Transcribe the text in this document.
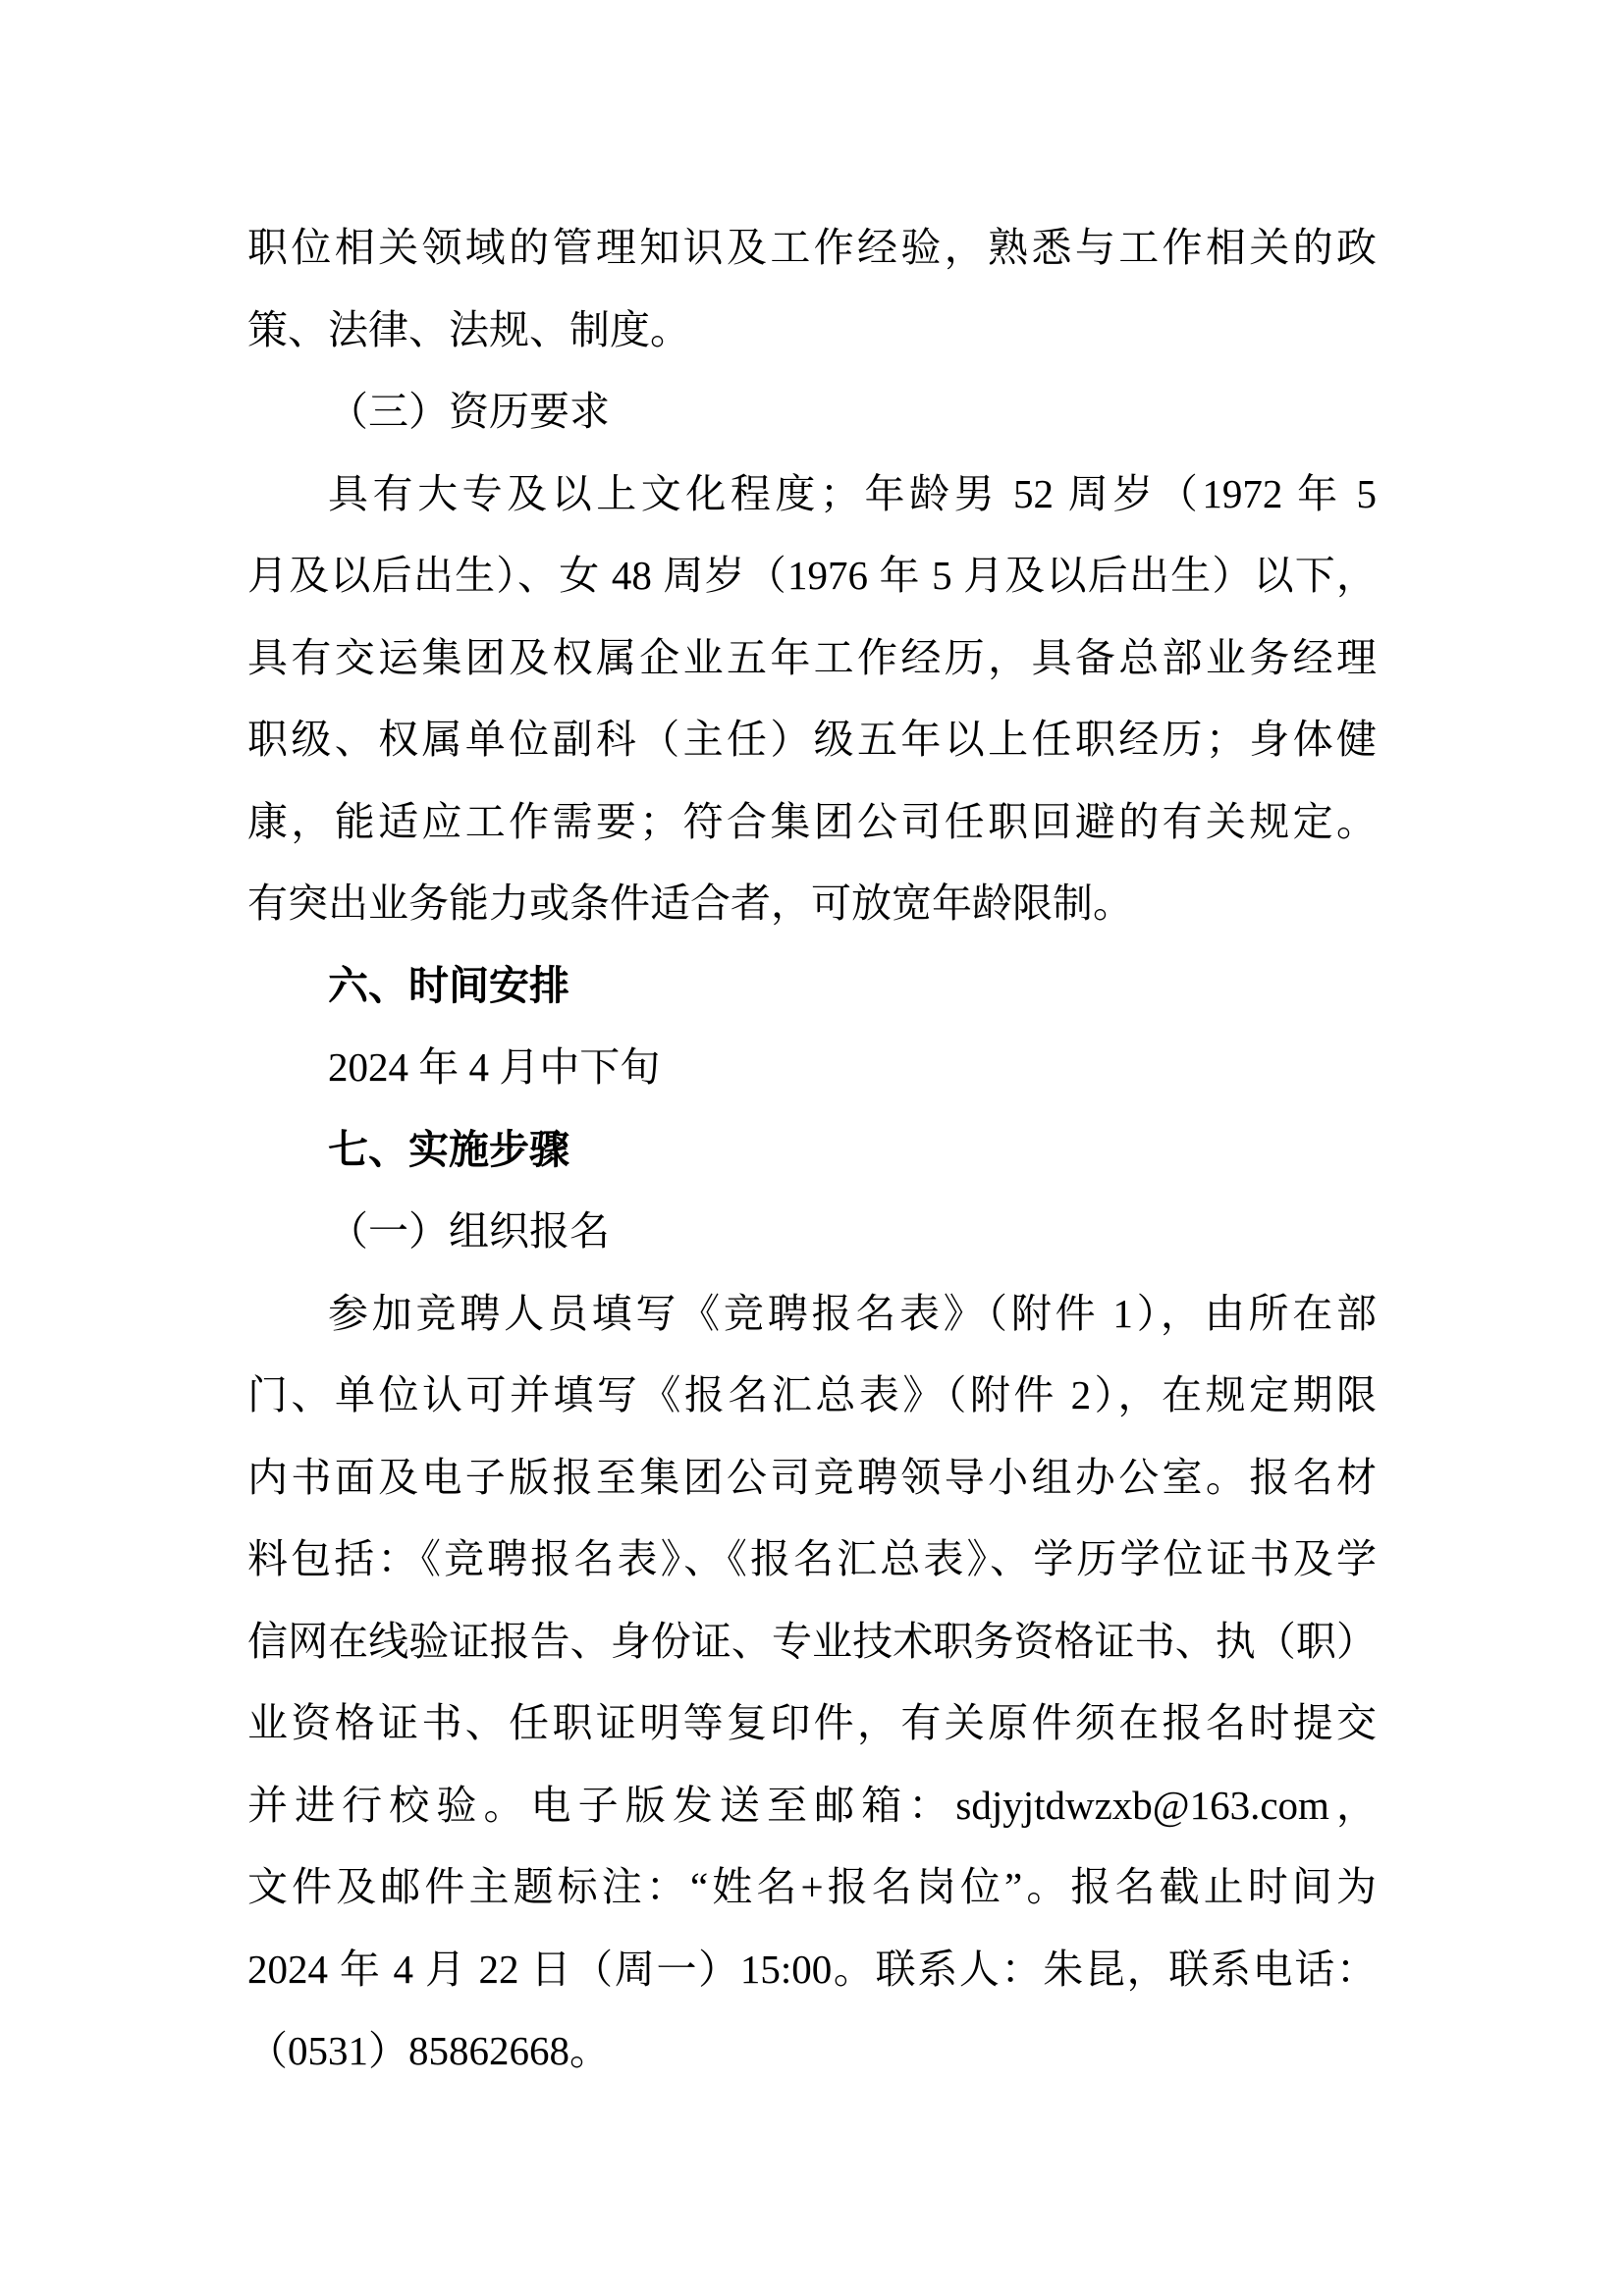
职位相关领域的管理知识及工作经验，熟悉与工作相关的政
策、法律、法规、制度。
（三）资历要求
具有大专及以上文化程度；年龄男 52 周岁（1972 年 5
月及以后出生）、女 48 周岁（1976 年 5 月及以后出生）以下，
具有交运集团及权属企业五年工作经历，具备总部业务经理
职级、权属单位副科（主任）级五年以上任职经历；身体健
康，能适应工作需要；符合集团公司任职回避的有关规定。
有突出业务能力或条件适合者，可放宽年龄限制。
六、时间安排
2024 年 4 月中下旬
七、实施步骤
（一）组织报名
参加竞聘人员填写《竞聘报名表》（附件 1），由所在部
门、单位认可并填写《报名汇总表》（附件 2），在规定期限
内书面及电子版报至集团公司竞聘领导小组办公室。报名材
料包括：《竞聘报名表》、《报名汇总表》、学历学位证书及学
信网在线验证报告、身份证、专业技术职务资格证书、执（职）
业资格证书、任职证明等复印件，有关原件须在报名时提交
并进行校验。电子版发送至邮箱：sdjyjtdwzxb@163.com，
文件及邮件主题标注：“姓名+报名岗位”。报名截止时间为
2024 年 4 月 22 日（周一）15:00。联系人：朱昆，联系电话：
（0531）85862668。
